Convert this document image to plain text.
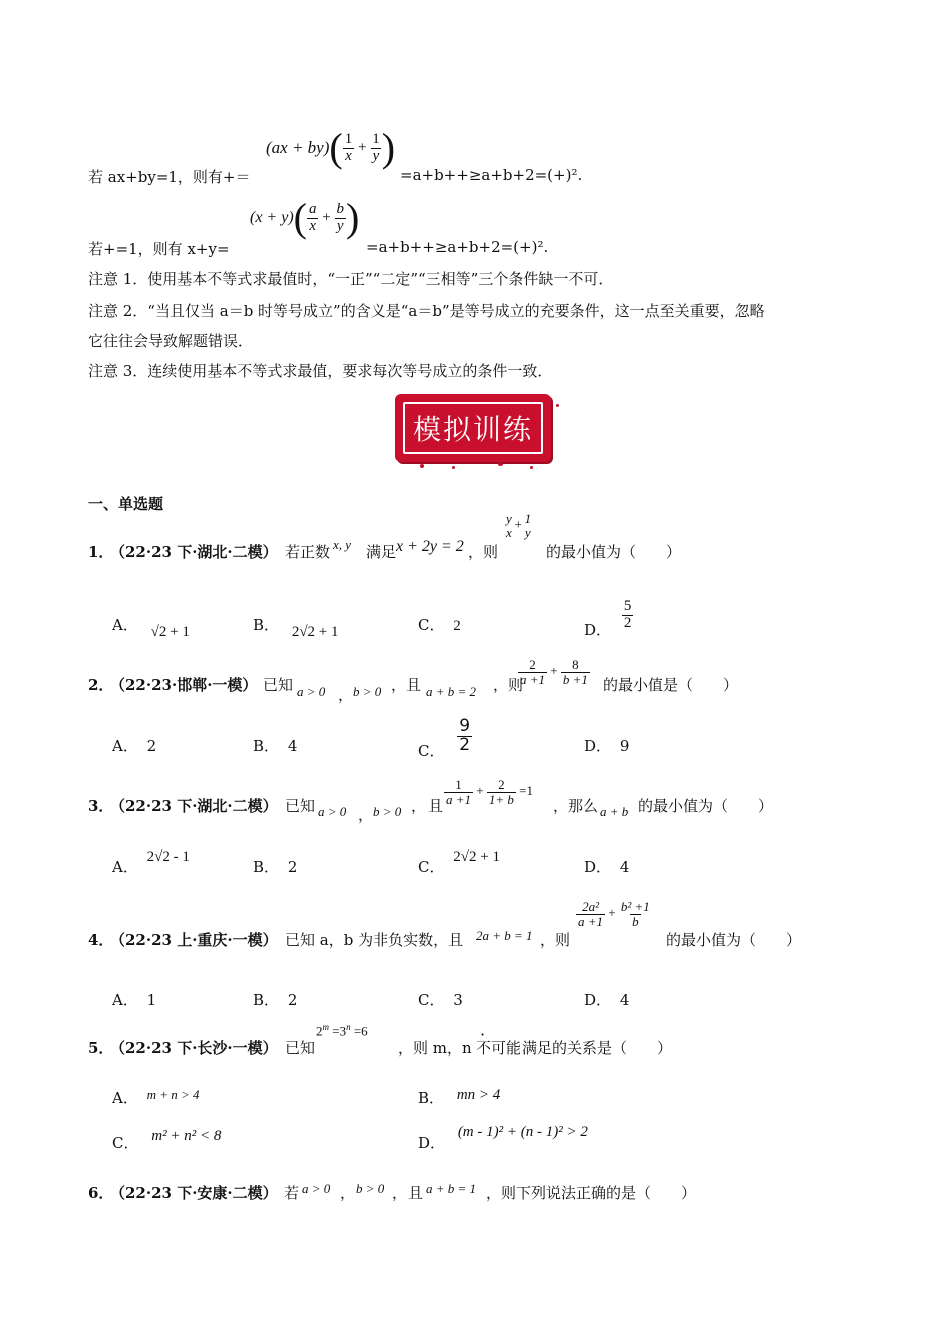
若 ax+by=1，则有+＝
$(ax + by)( \frac{1}{x} + \frac{1}{y}$ )
=a+b++≥a+b+2=(+)².
若+=1，则有 x+y=
$(x + y)( \frac{a}{x} + \frac{b}{y}$ )
=a+b++≥a+b+2=(+)².
注意 1．使用基本不等式求最值时，“一正”“二定”“三相等”三个条件缺一不可．
注意 2．“当且仅当 a＝b 时等号成立”的含义是“a＝b”是等号成立的充要条件，这一点至关重要，忽略
它往往会导致解题错误．
注意 3．连续使用基本不等式求最值，要求每次等号成立的条件一致．
模拟训练
一、单选题
1．
（22·23 下·湖北·二模） 若正数 x, y 满足 x + 2y = 2 ，则
y
x
+ 1
y
的最小值为（　　）
A． √2 + 1	B． 2√2 + 1	C． 2	D． $\frac{5}{2}$
2．
（22·23·邯郸·一模） 已知 a > 0 ， b > 0 ， 且 a + b = 2 ，则
$\frac{2}{a +1} + \frac{8}{b +1}$ 的最小值是（　　）
A． 2	B． 4	C． $\frac{9}{2}$	D． 9
3．
（22·23 下·湖北·二模） 已知 a > 0 ， b > 0 ， 且 $\frac{1}{a +1} + \frac{2}{1+ b} =1$
，那么 a + b 的最小值为（　　）
A． 2√2 - 1
B． 2	C． 2√2 + 1
D． 4
4．
（22·23 上·重庆·一模） 已知 a，b 为非负实数，且 2a + b = 1 ，则
$\frac{\text{2a²}}{a +1} + \frac{\text{b² +1}}{b}$
的最小值为（　　）
A． 1	B． 2	C． 3	D． 4
5．
（22·23 下·长沙·一模） 已知
$2^m =3^n =6$
，则 m，n 不可能 满足的关系是（　　）
A． m + n > 4	B． mn > 4
C． m² + n² < 8	D． (m - 1)² + (n - 1)² > 2
6．
（22·23 下·安康·二模） 若 a > 0 ， b > 0 ， 且 a + b = 1 ，则下列说法正确的是（　　）
